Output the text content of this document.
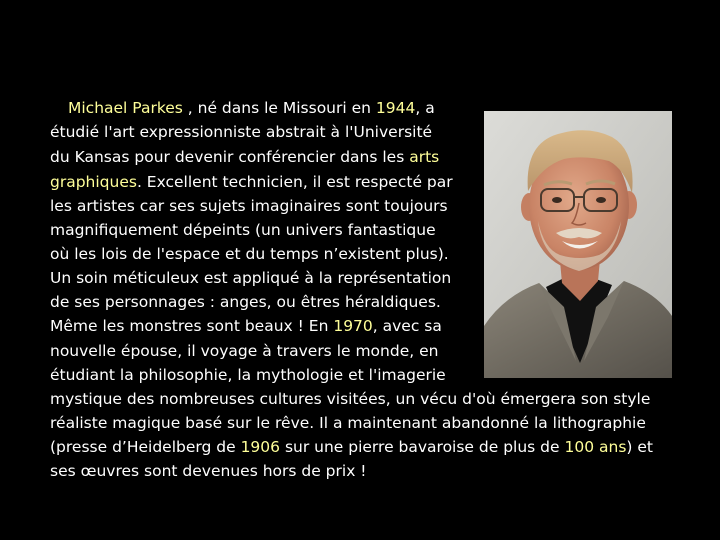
Michael Parkes , né dans le Missouri en 1944, a
étudié l'art expressionniste abstrait à l'Université
du Kansas pour devenir conférencier dans les arts
graphiques. Excellent technicien, il est respecté par
les artistes car ses sujets imaginaires sont toujours
magnifiquement dépeints (un univers fantastique
où les lois de l'espace et du temps n’existent plus).
Un soin méticuleux est appliqué à la représentation
de ses personnages : anges, ou êtres héraldiques.
Même les monstres sont beaux ! En 1970, avec sa
nouvelle épouse, il voyage à travers le monde, en
étudiant la philosophie, la mythologie et l'imagerie
mystique des nombreuses cultures visitées, un vécu d'où émergera son style
réaliste magique basé sur le rêve. Il a maintenant abandonné la lithographie
(presse d’Heidelberg de 1906 sur une pierre bavaroise de plus de 100 ans) et
ses œuvres sont devenues hors de prix !
